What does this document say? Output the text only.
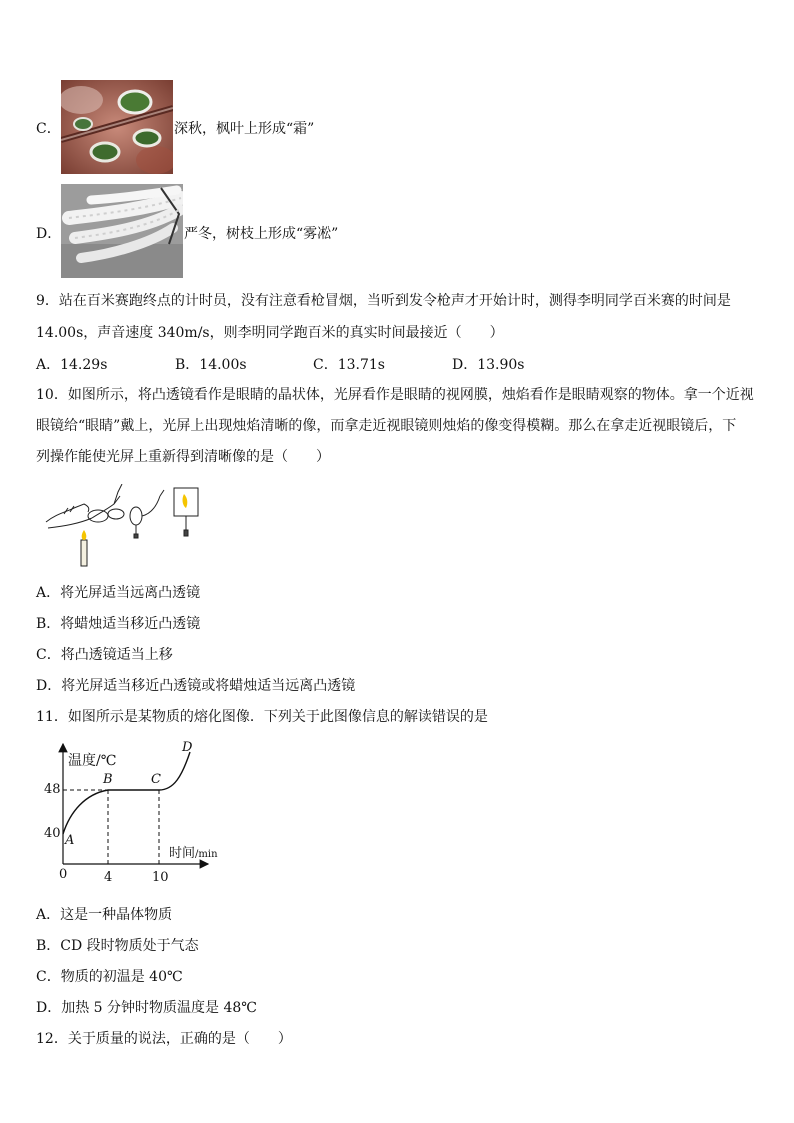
C．	深秋，枫叶上形成“霜”
D．	严冬，树枝上形成“雾凇”
9．站在百米赛跑终点的计时员，没有注意看枪冒烟，当听到发令枪声才开始计时，测得李明同学百米赛的时间是
14.00s，声音速度 340m/s，则李明同学跑百米的真实时间最接近（　　）
A．14.29s	B．14.00s	C．13.71s	D．13.90s
10．如图所示，将凸透镜看作是眼睛的晶状体，光屏看作是眼睛的视网膜，烛焰看作是眼睛观察的物体。拿一个近视
眼镜给“眼睛”戴上，光屏上出现烛焰清晰的像，而拿走近视眼镜则烛焰的像变得模糊。那么在拿走近视眼镜后，下
列操作能使光屏上重新得到清晰像的是（　　）
A．将光屏适当远离凸透镜
B．将蜡烛适当移近凸透镜
C．将凸透镜适当上移
D．将光屏适当移近凸透镜或将蜡烛适当远离凸透镜
11．如图所示是某物质的熔化图像．下列关于此图像信息的解读错误的是
温度/℃
时间/min
48
40
0	4	10
A
B	C
D
A．这是一种晶体物质
B．CD 段时物质处于气态
C．物质的初温是 40℃
D．加热 5 分钟时物质温度是 48℃
12．关于质量的说法，正确的是（　　）
